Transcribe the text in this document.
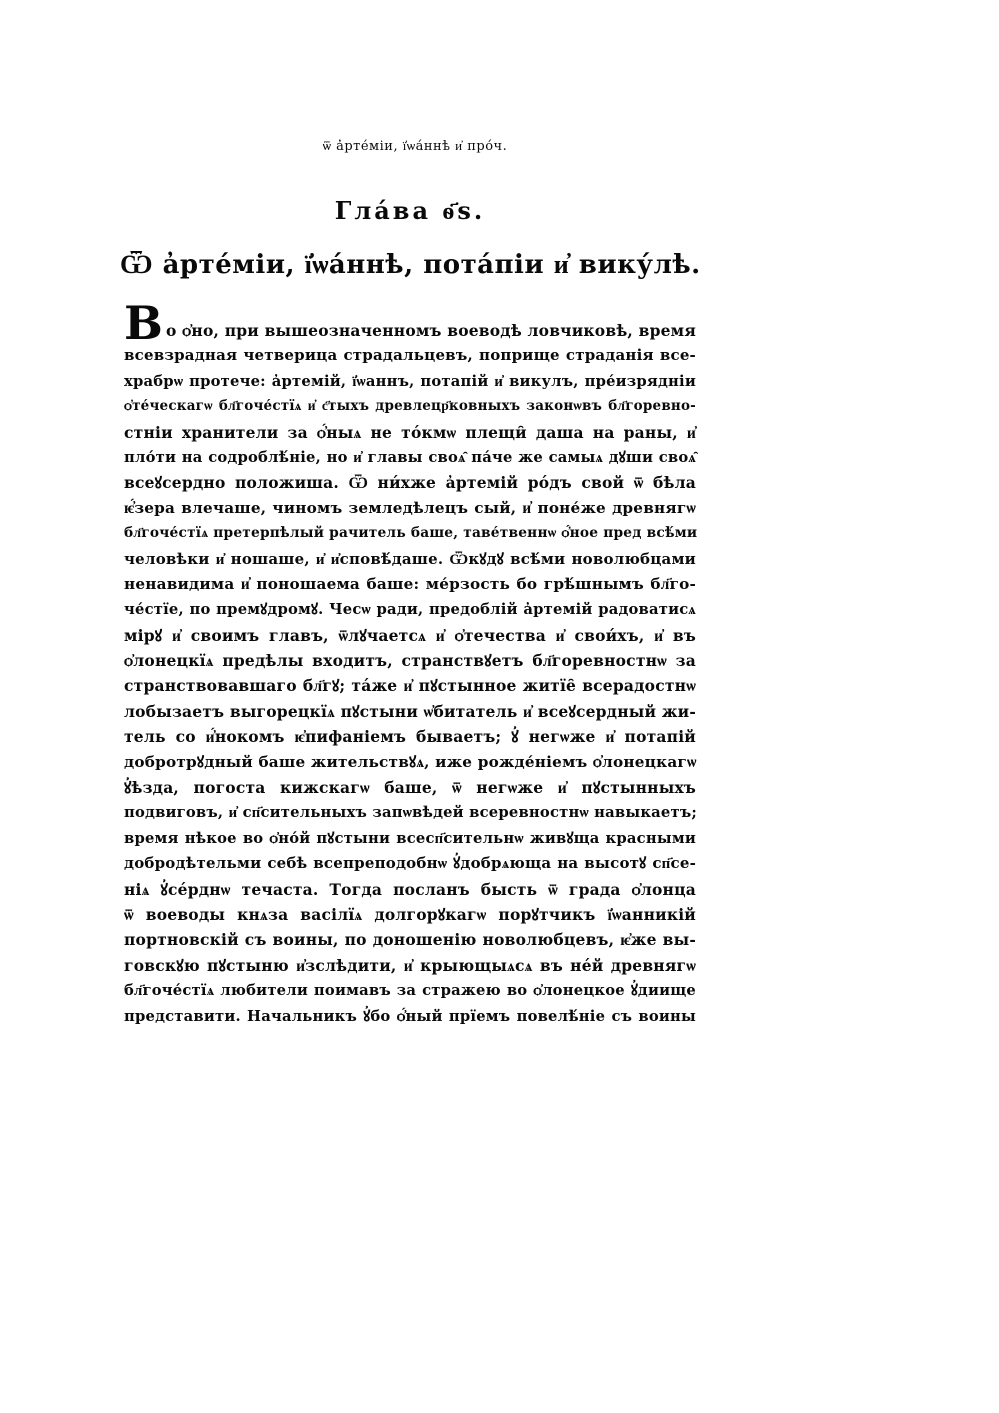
ѿ а̓рте́міи, ї҆ѡа́ннѣ и҆ про́ч.
Гла́ва ѳ҃ѕ.
Ѿ а̓рте́міи, ї҆ѡа́ннѣ, пота́піи и҆ вику́лѣ.
В о ѻ҆но, при вышеозначенномъ воеводѣ ловчиковѣ, время
всевзрадная четверица страдальцевъ, поприще страданія все-
храбрѡ протече: а̓ртемій, ї҆ѡаннъ, потапій и҆ викулъ, пре́изрядніи
ѻ҆те́ческагѡ бл҃гоче́стїѧ и҆ с҃тыхъ древлецр҃ковныхъ законѡвъ бл҃горевно-
стніи хранители за ѻ҆́ныѧ не то́кмѡ плещи̑ даша на раны, и҆
пло́ти на содроблѣ́ніе, но и҆ главы своѧ̑ па́че же самыѧ дꙋши своѧ̑
всеꙋсердно положиша. Ѿ ни́хже а̓ртемій ро́дъ свой ѿ бѣла
ѥ҆́зера влечаше, чиномъ земледѣлецъ сый, и҆ поне́же древнягѡ
бл҃гоче́стїѧ претерпѣлый рачитель баше, таве́твеннѡ ѻ҆́ное пред всѣ́ми
человѣки и҆ ношаше, и҆ и҆сповѣ́даше. Ѿкꙋдꙋ всѣ́ми новолюбцами
ненавидима и҆ поношаема баше: ме́рзость бо грѣ́шнымъ бл҃го-
че́стїе, по премꙋдромꙋ. Чесѡ ради, предоблій а̓ртемій радоватисѧ
мірꙋ и҆ своимъ главъ, ѿлꙋчаетсѧ и҆ ѻ҆течества и҆ свои́хъ, и҆ въ
ѻ҆лонецкїѧ предѣлы входитъ, странствꙋетъ бл҃горевностнѡ за
странствовавшаго бл҃гꙋ; та́же и҆ пꙋстынное житїе̑ всерадостнѡ
лобызаетъ выгорецкїѧ пꙋстыни ѡ҆битатель и҆ всеꙋсердный жи-
тель со и҆́нокомъ ѥ҆пифаніемъ бываетъ; ꙋ҆ негѡже и҆ потапій
добротрꙋдный баше жительствꙋѧ, иже рожде́ніемъ ѻ҆лонецкагѡ
ꙋ҆ѣзда, погоста кижскагѡ баше, ѿ негѡже и҆ пꙋстынныхъ
подвиговъ, и҆ сп҃сительныхъ запѡвѣдей всеревностнѡ навыкаетъ;
время нѣкое во ѻ҆но́й пꙋстыни всесп҃сительнѡ живꙋща красными
добродѣтельми себѣ всепреподобнѡ ꙋ҆добрѧюща на высотꙋ сп҃се-
ніѧ ꙋ҆се́рднѡ течаста. Тогда посланъ бысть ѿ града ѻ҆лонца
ѿ воеводы кнѧза васілїѧ долгорꙋкагѡ порꙋтчикъ ї҆ѡанникій
портновскій съ воины, по доношенію новолюбцевъ, ѥ҆же вы-
говскꙋю пꙋстыню и҆зслѣдити, и҆ крыющыѧсѧ въ не́й древнягѡ
бл҃гоче́стїѧ любители поимавъ за стражею во ѻ҆лонецкое ꙋ҆диище
представити. Начальникъ ꙋ҆бо ѻ҆́ный прїемъ повелѣ́ніе съ воины
